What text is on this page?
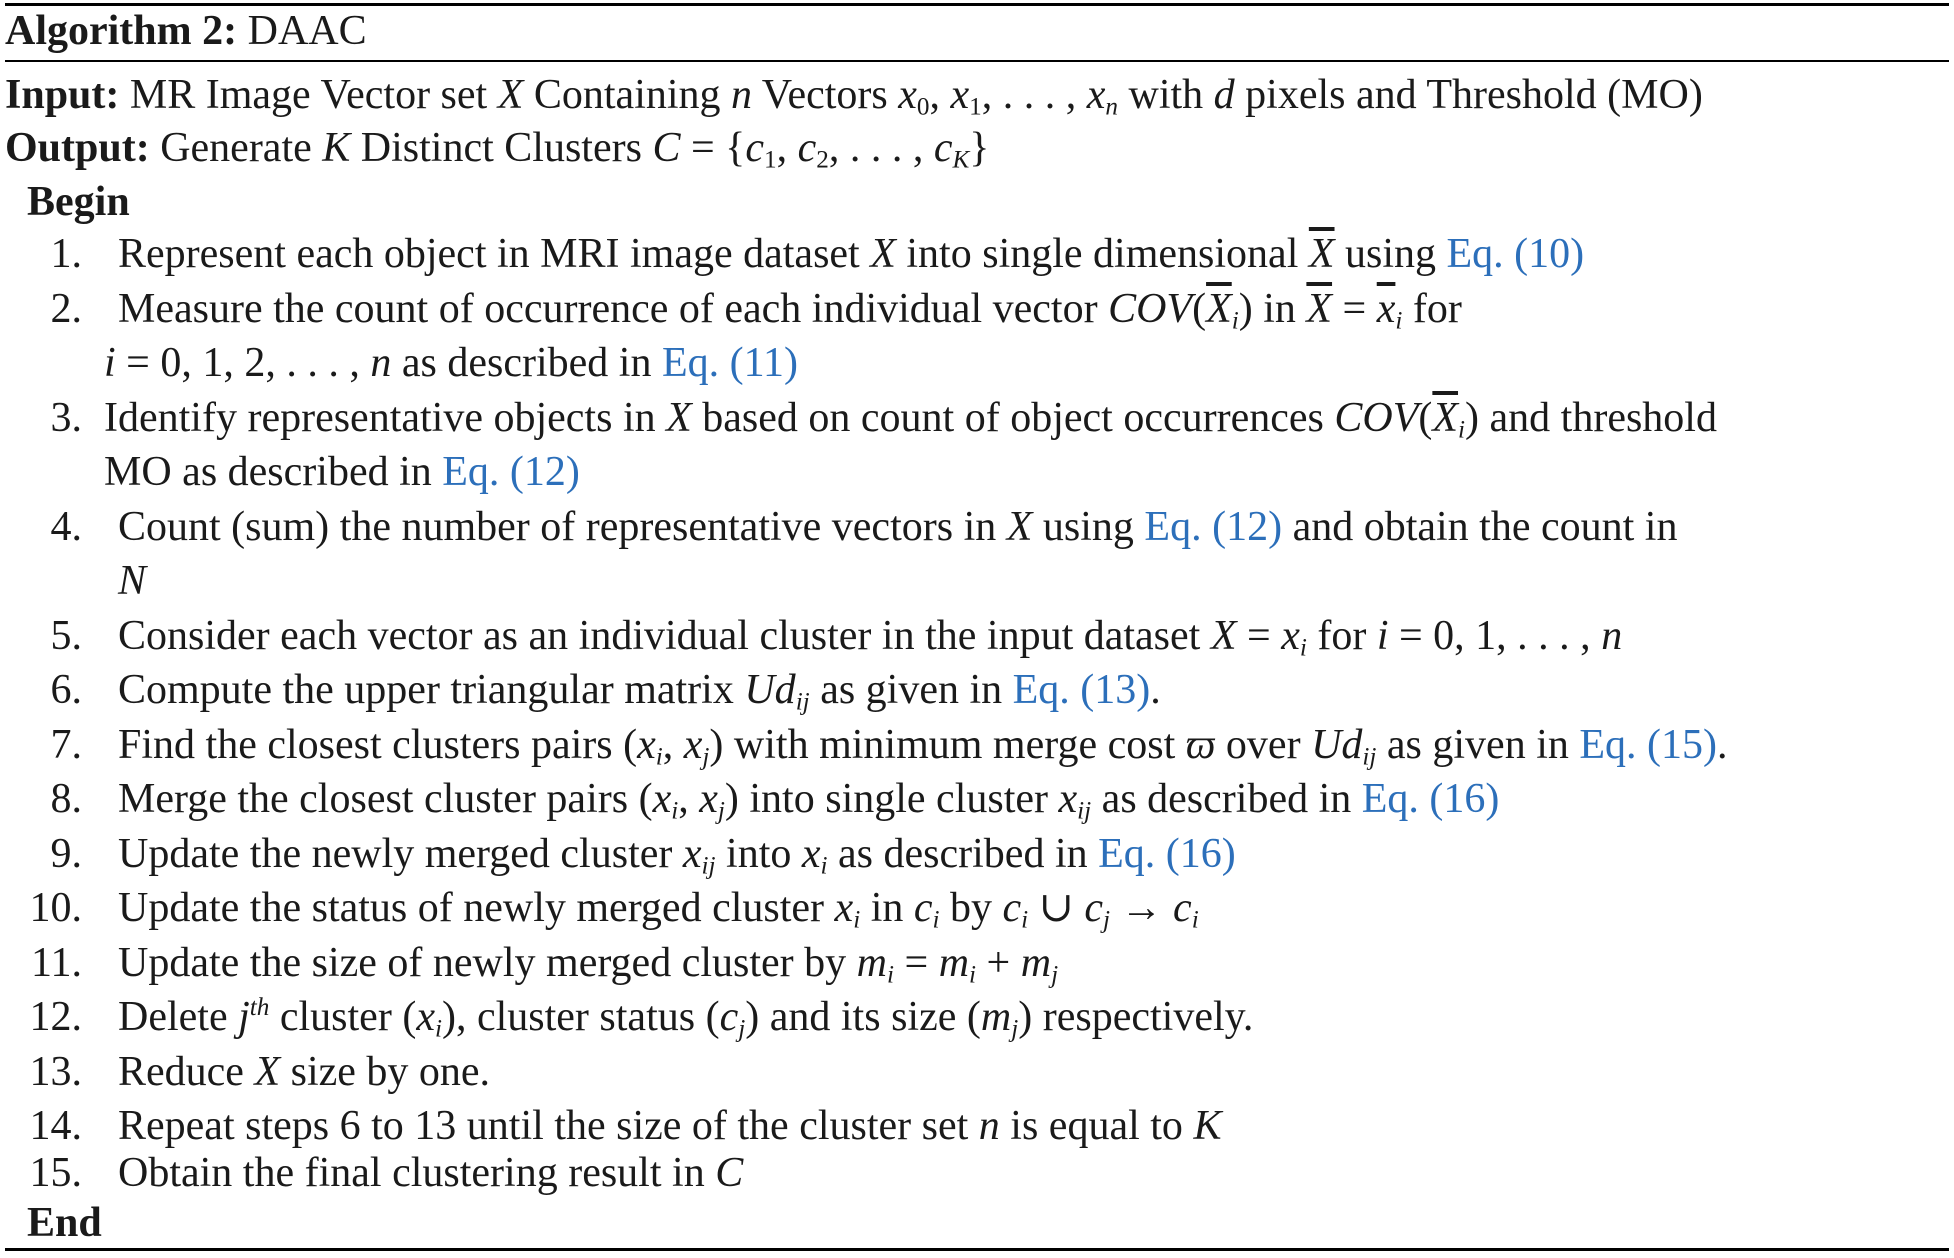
Algorithm 2: DAAC
Input: MR Image Vector set X Containing n Vectors $x_0$, $x_1$, . . . , $x_n$ with d pixels and Threshold (MO)
Output: Generate K Distinct Clusters $C = \{c_1$, $c_2$, . . . , $c_K$}
Begin
1. Represent each object in MRI image dataset X into single dimensional $\overline{X}$ using Eq. (10)
2. Measure the count of occurrence of each individual vector $COV(\overline{X}_i)$ in $\overline{X} = \overline{x}_i$ for
i = 0, 1, 2, . . . , n as described in Eq. (11)
3. Identify representative objects in X based on count of object occurrences $COV(\overline{X}_i)$ and threshold
MO as described in Eq. (12)
4. Count (sum) the number of representative vectors in X using Eq. (12) and obtain the count in
N
5. Consider each vector as an individual cluster in the input dataset $X = x_i$ for i = 0, 1, . . . , n
6. Compute the upper triangular matrix $Ud_{ij}$ as given in Eq. (13).
7. Find the closest clusters pairs ($x_i$, $x_j$) with minimum merge cost ϖ over $Ud_{ij}$ as given in Eq. (15).
8. Merge the closest cluster pairs ($x_i$, $x_j$) into single cluster $x_{ij}$ as described in Eq. (16)
9. Update the newly merged cluster $x_{ij}$ into $x_i$ as described in Eq. (16)
10. Update the status of newly merged cluster $x_i$ in $c_i$ by $c_i$ ∪ $c_j \to c_i$
11. Update the size of newly merged cluster by $m_i = m_i + m_j$
12. Delete $j^{th}$ cluster $(x_i)$, cluster status $(c_j)$ and its size $(m_j)$ respectively.
13. Reduce X size by one.
14. Repeat steps 6 to 13 until the size of the cluster set n is equal to K
15. Obtain the final clustering result in C
End
